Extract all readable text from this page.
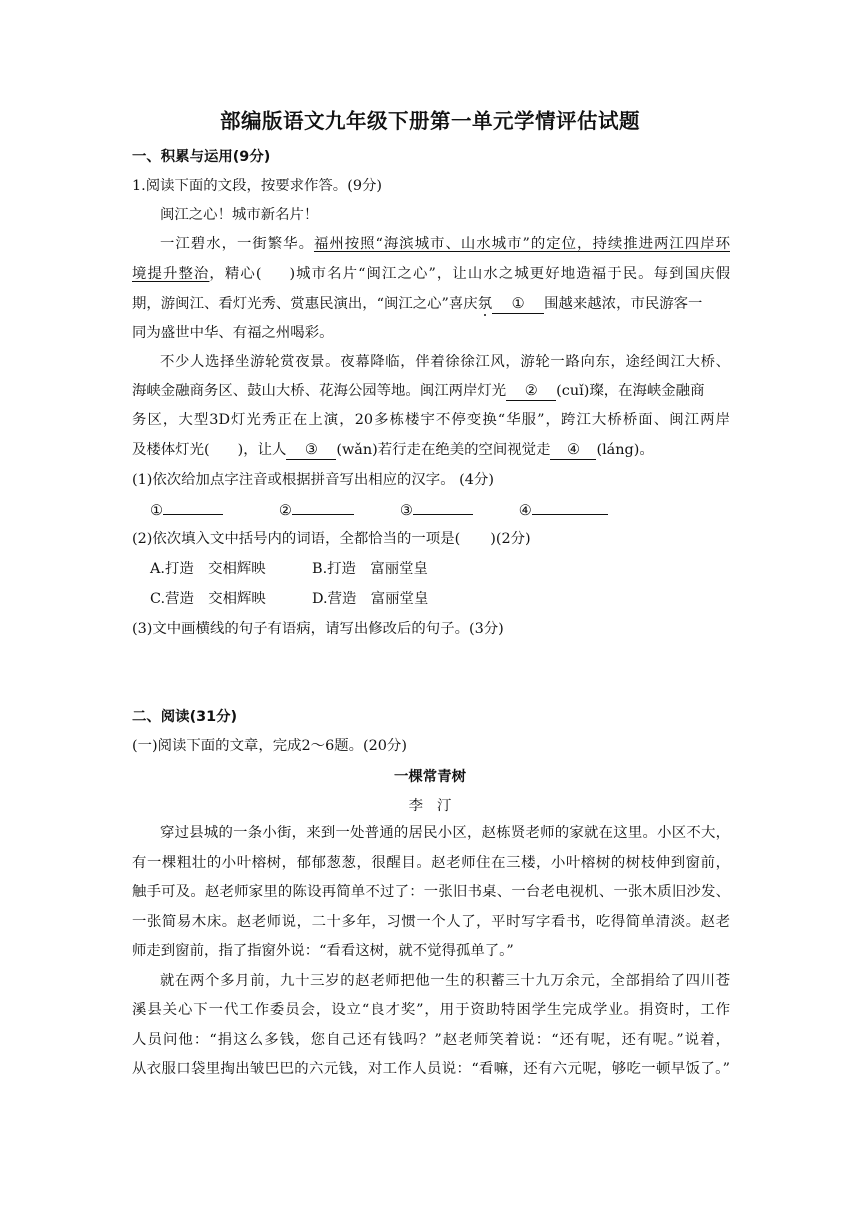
部编版语文九年级下册第一单元学情评估试题
一、积累与运用(9分)
1.阅读下面的文段，按要求作答。(9分)
闽江之心！城市新名片！
一江碧水，一街繁华。福州按照“海滨城市、山水城市”的定位，持续推进两江四岸环
境提升整治，精心( )城市名片“闽江之心”，让山水之城更好地造福于民。每到国庆假
期，游闽江、看灯光秀、赏惠民演出，“闽江之心”喜庆氛 ① 围越来越浓，市民游客一
同为盛世中华、有福之州喝彩。
不少人选择坐游轮赏夜景。夜幕降临，伴着徐徐江风，游轮一路向东，途经闽江大桥、
海峡金融商务区、鼓山大桥、花海公园等地。闽江两岸灯光 ② (cuǐ)璨，在海峡金融商
务区，大型3D灯光秀正在上演，20多栋楼宇不停变换“华服”，跨江大桥桥面、闽江两岸
及楼体灯光( )，让人 ③ (wǎn)若行走在绝美的空间视觉走 ④ (láng)。
(1)依次给加点字注音或根据拼音写出相应的汉字。 (4分)
①	②	③	④
(2)依次填入文中括号内的词语，全都恰当的一项是( )(2分)
A.打造　交相辉映	B.打造　富丽堂皇
C.营造　交相辉映	D.营造　富丽堂皇
(3)文中画横线的句子有语病，请写出修改后的句子。(3分)
二、阅读(31分)
(一)阅读下面的文章，完成2～6题。(20分)
一棵常青树
李汀
穿过县城的一条小街，来到一处普通的居民小区，赵栋贤老师的家就在这里。小区不大，
有一棵粗壮的小叶榕树，郁郁葱葱，很醒目。赵老师住在三楼，小叶榕树的树枝伸到窗前，
触手可及。赵老师家里的陈设再简单不过了：一张旧书桌、一台老电视机、一张木质旧沙发、
一张简易木床。赵老师说，二十多年，习惯一个人了，平时写字看书，吃得简单清淡。赵老
师走到窗前，指了指窗外说：“看看这树，就不觉得孤单了。”
就在两个多月前，九十三岁的赵老师把他一生的积蓄三十九万余元，全部捐给了四川苍
溪县关心下一代工作委员会，设立“良才奖”，用于资助特困学生完成学业。捐资时，工作
人员问他：“捐这么多钱，您自己还有钱吗？”赵老师笑着说：“还有呢，还有呢。”说着，
从衣服口袋里掏出皱巴巴的六元钱，对工作人员说：“看嘛，还有六元呢，够吃一顿早饭了。”
